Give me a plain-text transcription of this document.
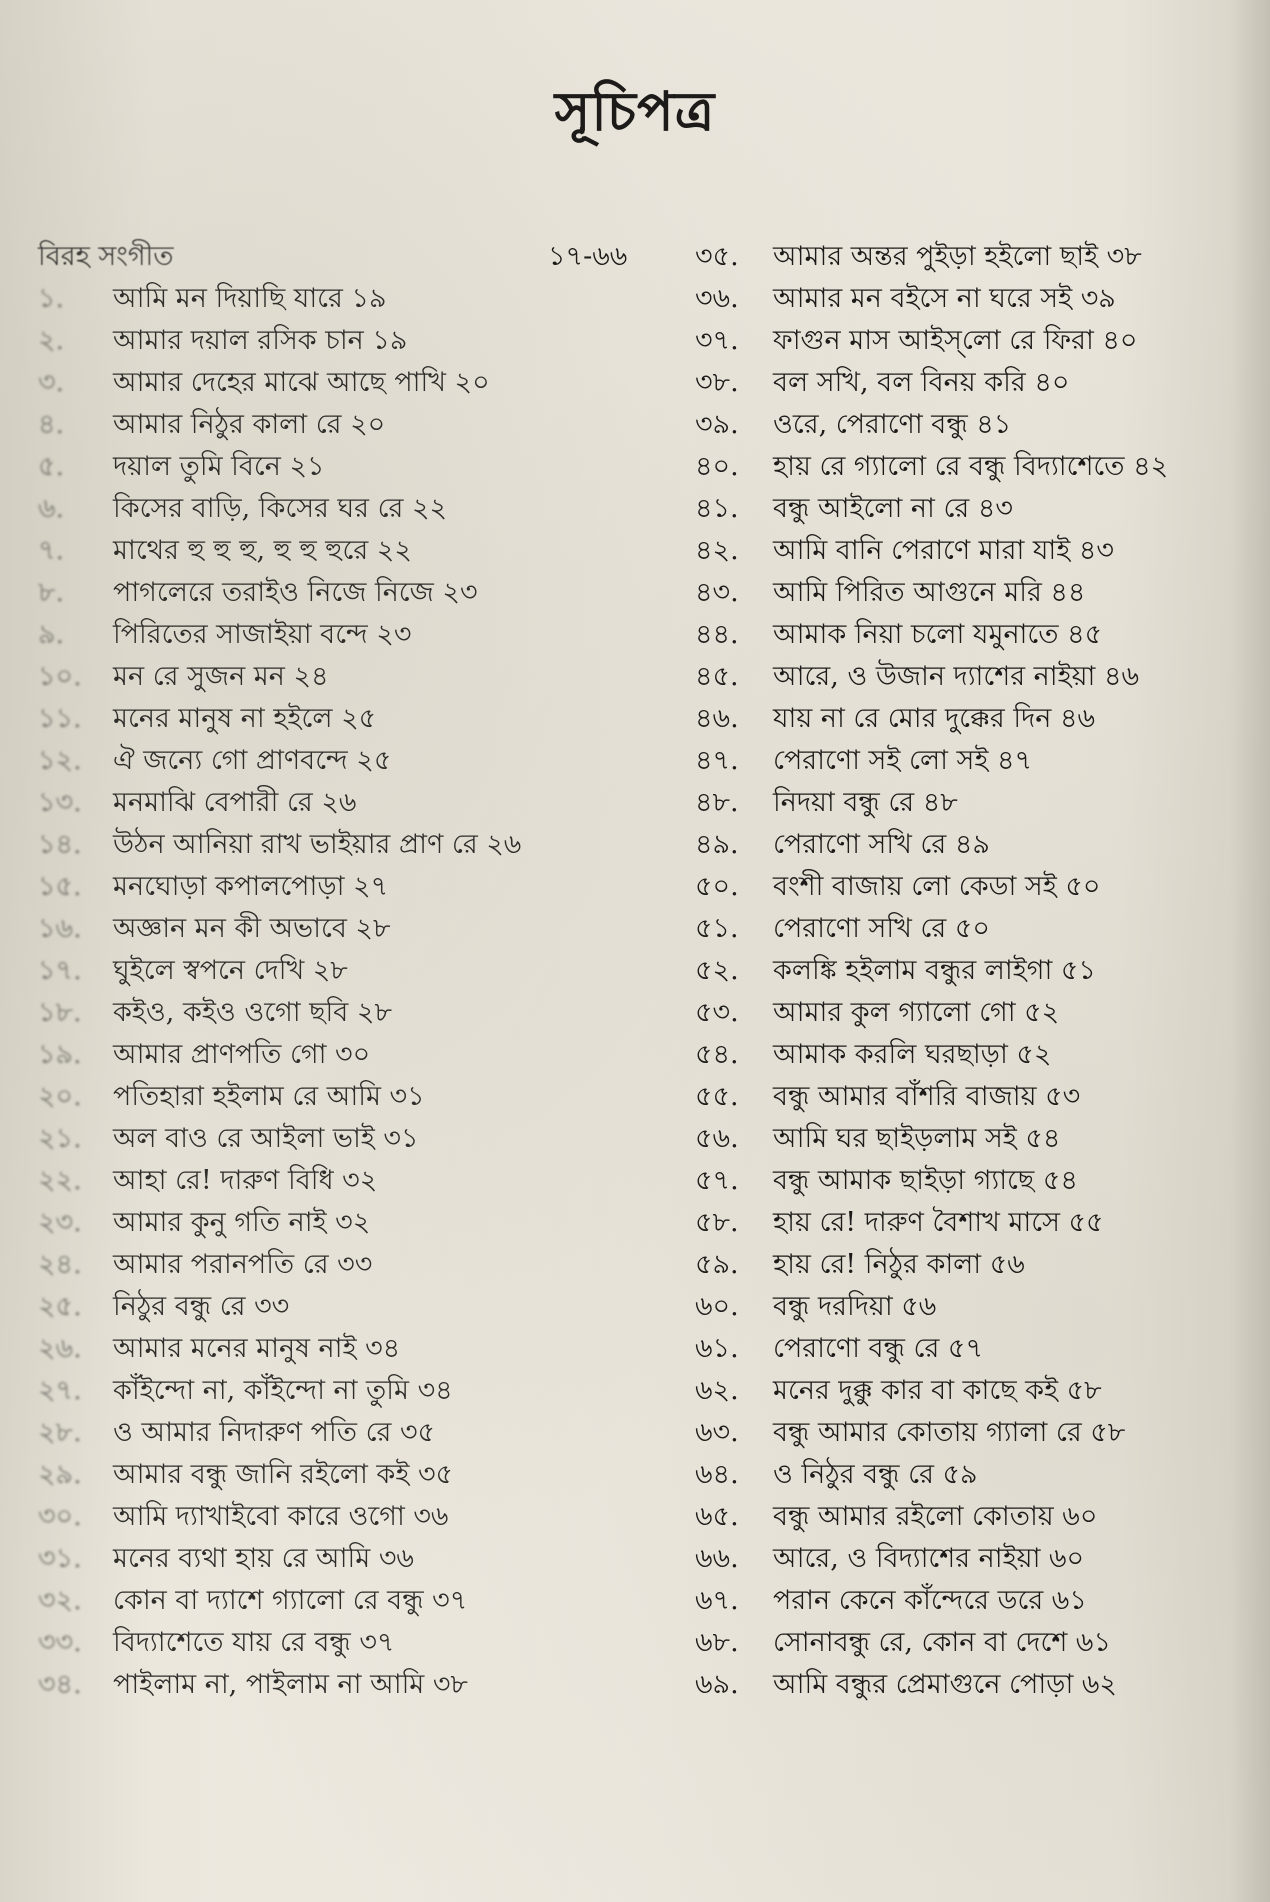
সূচিপত্র
বিরহ সংগীত	১৭-৬৬
১.	আমি মন দিয়াছি যারে ১৯
২.	আমার দয়াল রসিক চান ১৯
৩.	আমার দেহের মাঝে আছে পাখি ২০
৪.	আমার নিঠুর কালা রে ২০
৫.	দয়াল তুমি বিনে ২১
৬.	কিসের বাড়ি, কিসের ঘর রে ২২
৭.	মাথের হু হু হু, হু হু হুরে ২২
৮.	পাগলেরে তরাইও নিজে নিজে ২৩
৯.	পিরিতের সাজাইয়া বন্দে ২৩
১০.	মন রে সুজন মন ২৪
১১.	মনের মানুষ না হইলে ২৫
১২.	ঐ জন্যে গো প্রাণবন্দে ২৫
১৩.	মনমাঝি বেপারী রে ২৬
১৪.	উঠন আনিয়া রাখ ভাইয়ার প্রাণ রে ২৬
১৫.	মনঘোড়া কপালপোড়া ২৭
১৬.	অজ্ঞান মন কী অভাবে ২৮
১৭.	ঘুইলে স্বপনে দেখি ২৮
১৮.	কইও, কইও ওগো ছবি ২৮
১৯.	আমার প্রাণপতি গো ৩০
২০.	পতিহারা হইলাম রে আমি ৩১
২১.	অল বাও রে আইলা ভাই ৩১
২২.	আহা রে! দারুণ বিধি ৩২
২৩.	আমার কুনু গতি নাই ৩২
২৪.	আমার পরানপতি রে ৩৩
২৫.	নিঠুর বন্ধু রে ৩৩
২৬.	আমার মনের মানুষ নাই ৩৪
২৭.	কাঁইন্দো না, কাঁইন্দো না তুমি ৩৪
২৮.	ও আমার নিদারুণ পতি রে ৩৫
২৯.	আমার বন্ধু জানি রইলো কই ৩৫
৩০.	আমি দ্যাখাইবো কারে ওগো ৩৬
৩১.	মনের ব্যথা হায় রে আমি ৩৬
৩২.	কোন বা দ্যাশে গ্যালো রে বন্ধু ৩৭
৩৩.	বিদ্যাশেতে যায় রে বন্ধু ৩৭
৩৪.	পাইলাম না, পাইলাম না আমি ৩৮
৩৫.	আমার অন্তর পুইড়া হইলো ছাই ৩৮
৩৬.	আমার মন বইসে না ঘরে সই ৩৯
৩৭.	ফাগুন মাস আইস্‌লো রে ফিরা ৪০
৩৮.	বল সখি, বল বিনয় করি ৪০
৩৯.	ওরে, পেরাণো বন্ধু ৪১
৪০.	হায় রে গ্যালো রে বন্ধু বিদ্যাশেতে ৪২
৪১.	বন্ধু আইলো না রে ৪৩
৪২.	আমি বানি পেরাণে মারা যাই ৪৩
৪৩.	আমি পিরিত আগুনে মরি ৪৪
৪৪.	আমাক নিয়া চলো যমুনাতে ৪৫
৪৫.	আরে, ও উজান দ্যাশের নাইয়া ৪৬
৪৬.	যায় না রে মোর দুক্কের দিন ৪৬
৪৭.	পেরাণো সই লো সই ৪৭
৪৮.	নিদয়া বন্ধু রে ৪৮
৪৯.	পেরাণো সখি রে ৪৯
৫০.	বংশী বাজায় লো কেডা সই ৫০
৫১.	পেরাণো সখি রে ৫০
৫২.	কলঙ্কি হইলাম বন্ধুর লাইগা ৫১
৫৩.	আমার কুল গ্যালো গো ৫২
৫৪.	আমাক করলি ঘরছাড়া ৫২
৫৫.	বন্ধু আমার বাঁশরি বাজায় ৫৩
৫৬.	আমি ঘর ছাইড়লাম সই ৫৪
৫৭.	বন্ধু আমাক ছাইড়া গ্যাছে ৫৪
৫৮.	হায় রে! দারুণ বৈশাখ মাসে ৫৫
৫৯.	হায় রে! নিঠুর কালা ৫৬
৬০.	বন্ধু দরদিয়া ৫৬
৬১.	পেরাণো বন্ধু রে ৫৭
৬২.	মনের দুক্কু কার বা কাছে কই ৫৮
৬৩.	বন্ধু আমার কোতায় গ্যালা রে ৫৮
৬৪.	ও নিঠুর বন্ধু রে ৫৯
৬৫.	বন্ধু আমার রইলো কোতায় ৬০
৬৬.	আরে, ও বিদ্যাশের নাইয়া ৬০
৬৭.	পরান কেনে কাঁন্দেরে ডরে ৬১
৬৮.	সোনাবন্ধু রে, কোন বা দেশে ৬১
৬৯.	আমি বন্ধুর প্রেমাগুনে পোড়া ৬২
